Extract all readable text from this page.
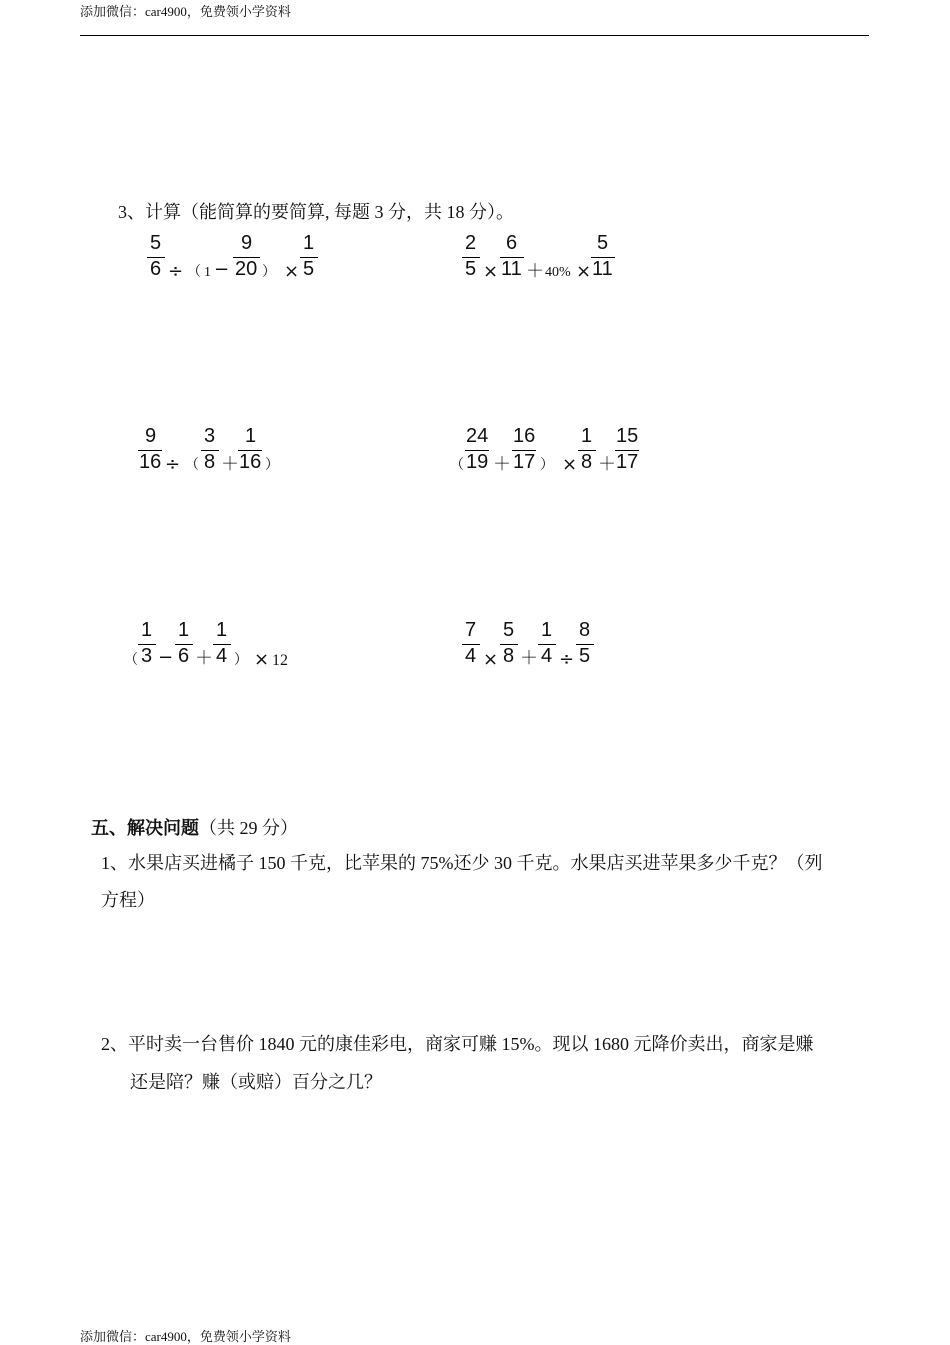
添加微信：car4900，免费领小学资料
3、计算（能简算的要简算, 每题 3 分，共 18 分）。
5
6 ÷ （ 1 −
9
20 ） ×
1
5
2
5 ×
6
11 ＋ 40% ×
5
11
9
16 ÷ （
3
8 ＋
1
16 ）	（
24
19 ＋
16
17 ） ×
1
8 ＋
15
17
（
1
3 −
1
6 ＋
1
4 ） × 12
7
4 ×
5
8 ＋
1
4 ÷
8
5
五、解决问题（共 29 分）
1、水果店买进橘子 150 千克，比苹果的 75%还少 30 千克。水果店买进苹果多少千克？（列
方程）
2、平时卖一台售价 1840 元的康佳彩电，商家可赚 15%。现以 1680 元降价卖出，商家是赚
还是陪？赚（或赔）百分之几？
添加微信：car4900，免费领小学资料
